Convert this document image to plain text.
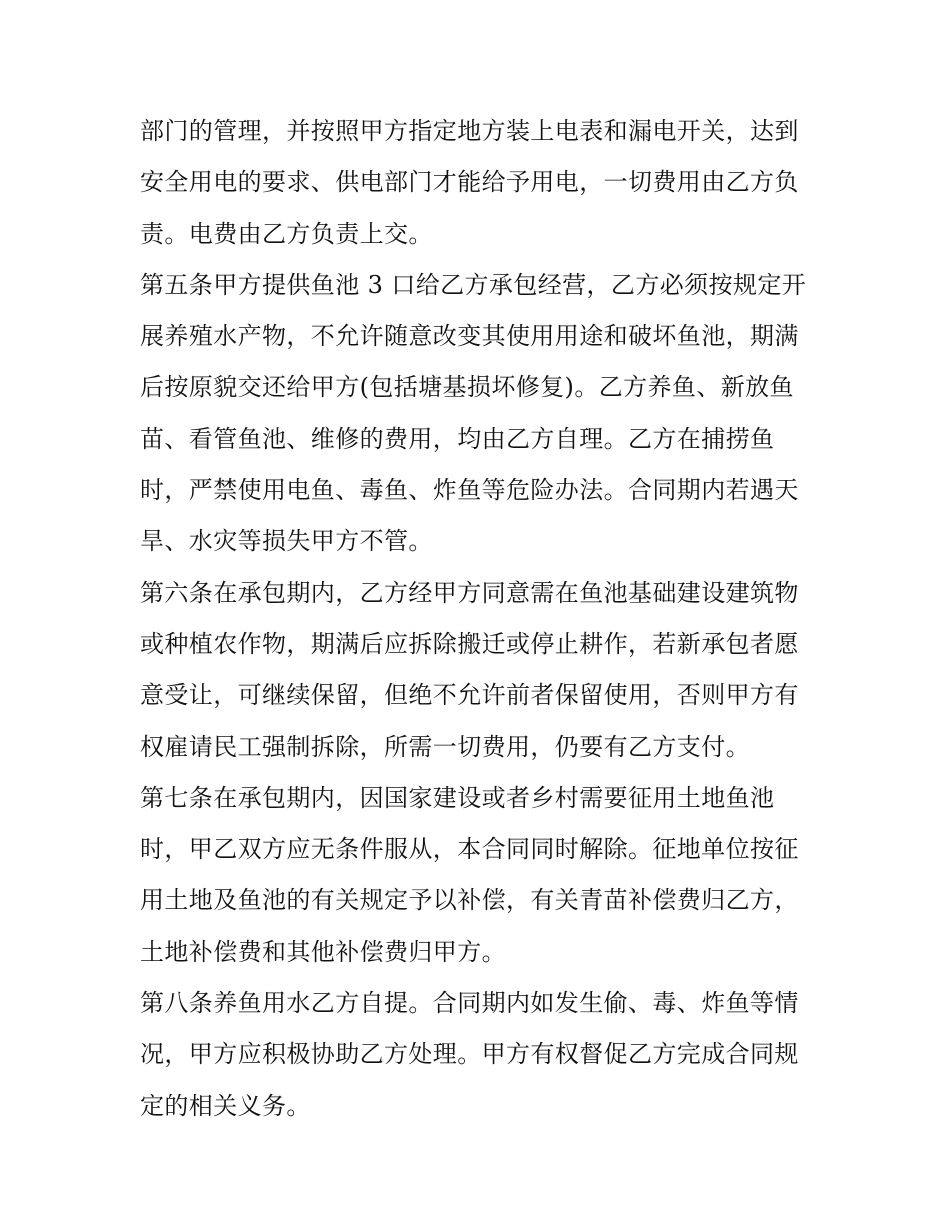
部门的管理，并按照甲方指定地方装上电表和漏电开关，达到
安全用电的要求、供电部门才能给予用电，一切费用由乙方负
责。电费由乙方负责上交。

第五条甲方提供鱼池 3 口给乙方承包经营，乙方必须按规定开
展养殖水产物，不允许随意改变其使用用途和破坏鱼池，期满
后按原貌交还给甲方(包括塘基损坏修复)。乙方养鱼、新放鱼
苗、看管鱼池、维修的费用，均由乙方自理。乙方在捕捞鱼
时，严禁使用电鱼、毒鱼、炸鱼等危险办法。合同期内若遇天
旱、水灾等损失甲方不管。

第六条在承包期内，乙方经甲方同意需在鱼池基础建设建筑物
或种植农作物，期满后应拆除搬迁或停止耕作，若新承包者愿
意受让，可继续保留，但绝不允许前者保留使用，否则甲方有
权雇请民工强制拆除，所需一切费用，仍要有乙方支付。

第七条在承包期内，因国家建设或者乡村需要征用土地鱼池
时，甲乙双方应无条件服从，本合同同时解除。征地单位按征
用土地及鱼池的有关规定予以补偿，有关青苗补偿费归乙方，
土地补偿费和其他补偿费归甲方。

第八条养鱼用水乙方自提。合同期内如发生偷、毒、炸鱼等情
况，甲方应积极协助乙方处理。甲方有权督促乙方完成合同规
定的相关义务。
